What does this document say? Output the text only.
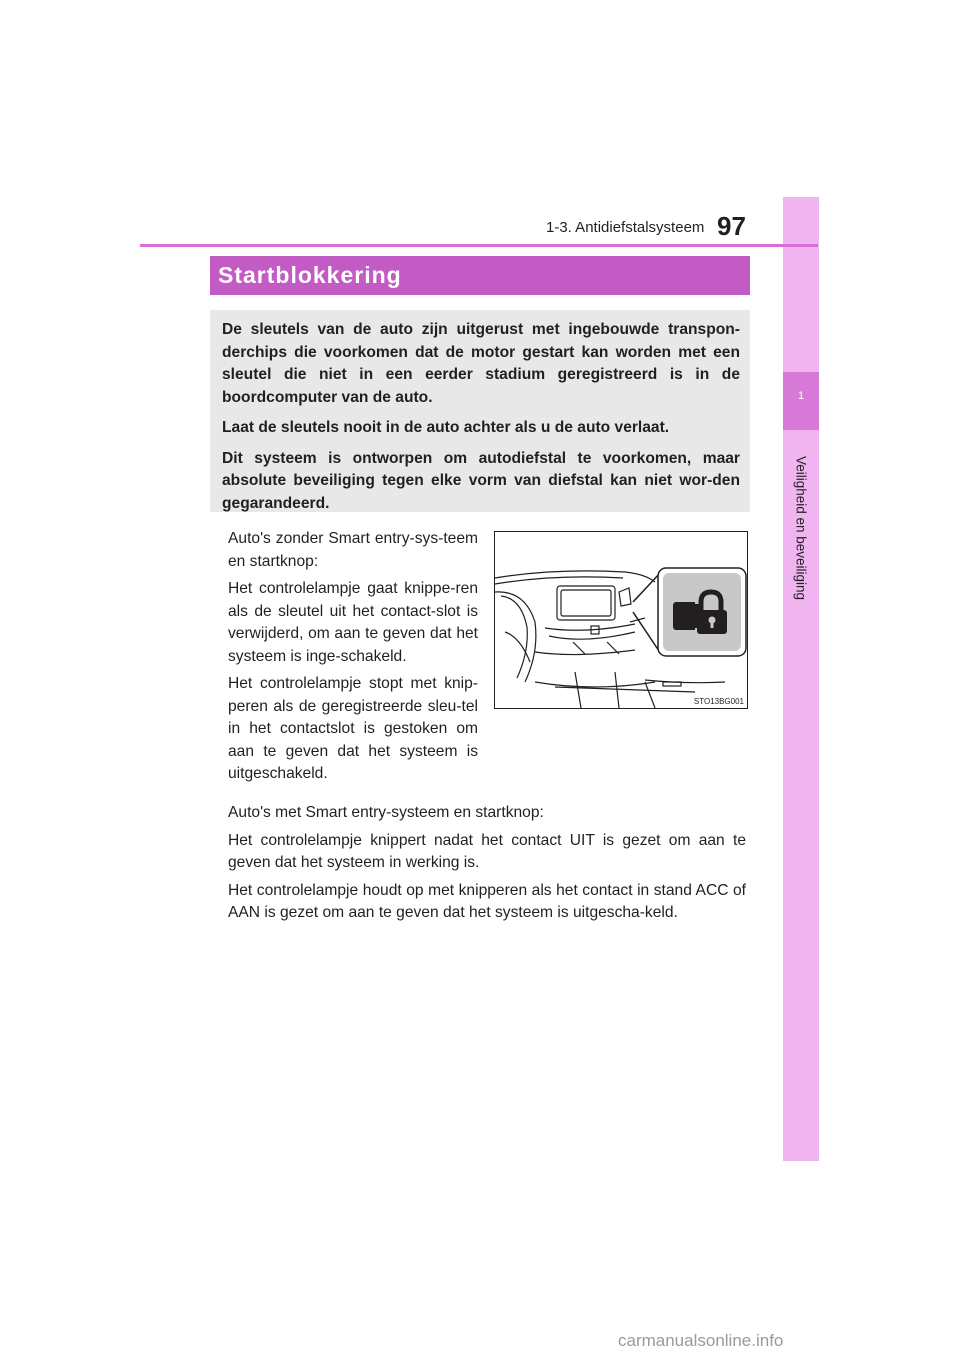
1
Veiligheid en beveiliging
1-3. Antidiefstalsysteem 97
Startblokkering

De sleutels van de auto zijn uitgerust met ingebouwde transpon-derchips die voorkomen dat de motor gestart kan worden met een sleutel die niet in een eerder stadium geregistreerd is in de boordcomputer van de auto.

Laat de sleutels nooit in de auto achter als u de auto verlaat.

Dit systeem is ontworpen om autodiefstal te voorkomen, maar absolute beveiliging tegen elke vorm van diefstal kan niet wor-den gegarandeerd.

Auto's zonder Smart entry-sys-teem en startknop:

Het controlelampje gaat knippe-ren als de sleutel uit het contact-slot is verwijderd, om aan te geven dat het systeem is inge-schakeld.

Het controlelampje stopt met knip-peren als de geregistreerde sleu-tel in het contactslot is gestoken om aan te geven dat het systeem is uitgeschakeld.

STO13BG001

Auto's met Smart entry-systeem en startknop:

Het controlelampje knippert nadat het contact UIT is gezet om aan te geven dat het systeem in werking is.

Het controlelampje houdt op met knipperen als het contact in stand ACC of AAN is gezet om aan te geven dat het systeem is uitgescha-keld.

carmanualsonline.info
